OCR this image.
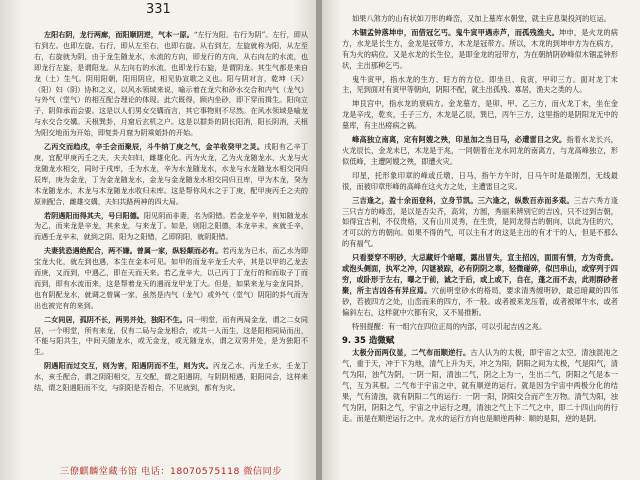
331

左阳右阴，龙行两廊，而阳顺阴逆，气本一原。“左行为阳，右行为阴”。左行，即从右到左。也即左旋。右行，即从左至右，也即右旋。从右到左，左旋就称为阳，从左至右，右旋就为阴，由于龙生随龙水，水流的方向，即龙行的方向，从右向左的水流，也即龙行左旋，是谓阳龙。从左向右的水流，也即龙行右旋，是谓阴龙。其生气都是来自龙（土）生气。阴用阳朝，阳用阴应，相见协宣歌之义也。阳与阴对言，乾坤（天）（阳）妇（阴）协和之义，以风水领域来说，喻示着在龙穴和砂水交合和内气（龙气）与外气（堂气）的相互配合理论的体现。此穴既得，顾内坐砂，即下穿而揖生。阳向立子，阴仰承而会要。这是以人们男女交媾而言，其它事物则不尽然。在风水领域是喻龙与水交合交媾。天根巽卦，月窟后玄机之户。这是以群卦的阴长阳消，阳长阴消，天根为阳交地而为开始，即复卦月窟为阴乘姤卦的开始。

乙丙交而趋戌，辛壬会而聚辰，斗牛纳丁庚之气，金羊收癸甲之灵。戌阳有乙辛丁庚，宜配甲庚丙壬之夫，夫夫妇妇，雌雄化化。丙为火龙，乙为火龙随龙水，火龙与火龙随龙水相交，同时于戌库，壬为水龙，辛为水龙随龙水，水龙与水龙随龙水相交同归辰库，庚为金龙，丁为金龙随龙水，金龙与金龙随龙水相交同归丑库，甲为木龙，癸为木龙随龙水，木龙与木龙随龙水收归未库。这是帮你风水之于丁庚，配甲庚丙壬之夫的原则配合，雌雄交媾，夫妇共路两神的四大局。

若阴遇阳而得其夫，号曰阳德。阳见阴而非妻，名为阴错。若金龙辛辛，则知随龙水为乙，而来龙是辛龙，其来龙，与来龙丁。如是，则阳之阳德，本龙辛未，亥就壬辛，而遇壬龙辛未，就到之阴、阳为之阳错，乙即阴阳，就阴阳错。

夫妻犹恐遇绝配合，两不嫌。曾属一家，纵轻颠而必有。若丙龙为已水，而乙水为即宝龙大化，就左到也遇，本生在金本可见。如甲的而龙辛龙壬大辛，其是以甲的乙龙去而庚，又而到，中遇乙，即在天而天来。若乙龙辛大，以己丙丁丁龙行的和而取子丁而而到，即有水流而来，这是帮着龙天的遇而龙甲龙丁大。但是，如果来龙与金龙同卦，也有阴配龙水，就调之曾属一家，虽然是内气（龙气）或外气（堂气）阴阳的卦气而为出也被完有的来到。

二女同居，孤阴不长，两男并处，独阳不生。同一明堂，而有两局金龙，谓之二女同居，一个明堂，所有来龙，仅有二局与金龙相合，或共一人而生，这是阳相同局而出，不能与阳共生，中间天随龙水，或无金龙，或无随龙水，谓之双男并处，是为独阳不生。

阴遇阳而过交互，则为害，阳遇阴而不生，则为灾。丙龙乙水，丙龙壬水，壬龙丁水，亥壬配合，谓之阴阳相交，互交配，谓之阳遇阴，与阴阴相遇，阳阳同会，这样来结，谓之阳遇阳而不交，与阴阳是否相合，不见就到，都有为灾。

三僚麒麟堂藏书馆 电话：18070575118 微信同步

如果八煞方的山有状如刀形的峰峦，又加上墓库水朝堂，就主应息渠投河的厄运。

木锢孟钟落坤申，而借冠乞丐。鬼牛寅甲遇赤芦，而孤残渔夫。坤申，是火龙的病方，水龙是长生方，金龙是冠带方，木龙是冠带方。所以，木龙的到坤申方为在病方，有为火的病位。又是水龙的长生位，是即金龙的冠带方，为在朝纳阴砂峰似木锢孟钟形状，主出那种乞丐。

鬼牛寅甲，指水龙的生方、旺方的方位。即坐旦、良寅，甲卯三方。面对龙丁末主，见到面对有寅甲等朝向，阴阳不配，就主出孤残、寡居，渔夫之类的人。

坤艮宫中，指水龙的衰病方。金龙墓方，是卯、甲、乙三方，而火龙丁未，坐在金龙是辛戌，乾亥，壬子三方，木龙是乙辰，巽巳，丙午三方，这里指的是阴阳龙无中的墓库，有主出痨病之祸。

峰高独立南离，定有阿嫂之殃，印星加之当日马，必遭雷目之灾。指着水龙长兴，火龙辰长，金龙未巳，木龙是于兆，一同朝着在龙水同龙的南离方，与龙高峰独立，形似低峰，主遭阿嫂之殃，即遭火灾。

印星，托形象印章的峰或丘墩，日马，指午方午时，日马午时是最刚烈，无线最很，而被印章形峰的高峰在这火方之处，主遭雷目之灾。

三吉逢之，盈十余而登科，立身节凯。三六逢之，纵数百赤而多艰。三吉六秀方逢三只吉方的峰峦，是以是否尖齐，高耸，方圆，秀丽来辨别它的吉凶，只不过到吉朝，如得宜吉利，不仅贵格，又有山川灵秀，在生贵，是同龙得吉的朝向，以此为佳的穴，才可以的方的朝向。如果不得的气，可以主有才的这是主出的有才干的人，但是不那么的有福气。

只看要穿不明砂，大忌藏奸个暗曜，露出冒失，宣主招凶，面面有情，方为奇贵。或泡头侧面，执军之冲，闪谜被踪，必有阴阴之辜，轻微碰碎，似凹串山，或穿列于四穷，或卧形于左右，曝之于前，诚之于后，或上或下，自在，蓬之而不去，此则群砂者聚，所主吉凶各有异应焉。穴前明堂砂水的格局，要求清秀缠明砂，最忌暗藏的四邻砂，若被四方之处，山峦而来的四方，不一般。或者被来龙压着，或者被犀牛水，或者偏斜左右，这样就中穴都有灾，又不易推断。

特别提醒：有一组穴在四位正局的内部，可以引起吉凶之兆。

9. 35 造微赋

太极分而两仪显，二气布而顺逆行。古人认为的太极，即宇宙之太空，清浊混沌之气，重于天，冲于下为地，清气上升为天，冲之为阳，阴阳之间为太极，气是阳气，清气为阳，浊气为阴，一阴一阳，清浊二气，阴之上为一，生出二气，阴阳之气是本一气，互为其根。二气布于宇宙之中，就有顺逆的运行。就是因为宇宙中两极分化的结果，气有清浊，就有阴阳二气的运行：一阴一阳，阴阳交合而产生万物。清气为阳，浊气为阴，阴阳之气，宇宙之中运行之理，清浊之气上下二气之中，即二十四山向的行走。而是在顺逆运行之中。龙水的运行方向也是顺逆两种：顺的是阳，逆的是阴。
